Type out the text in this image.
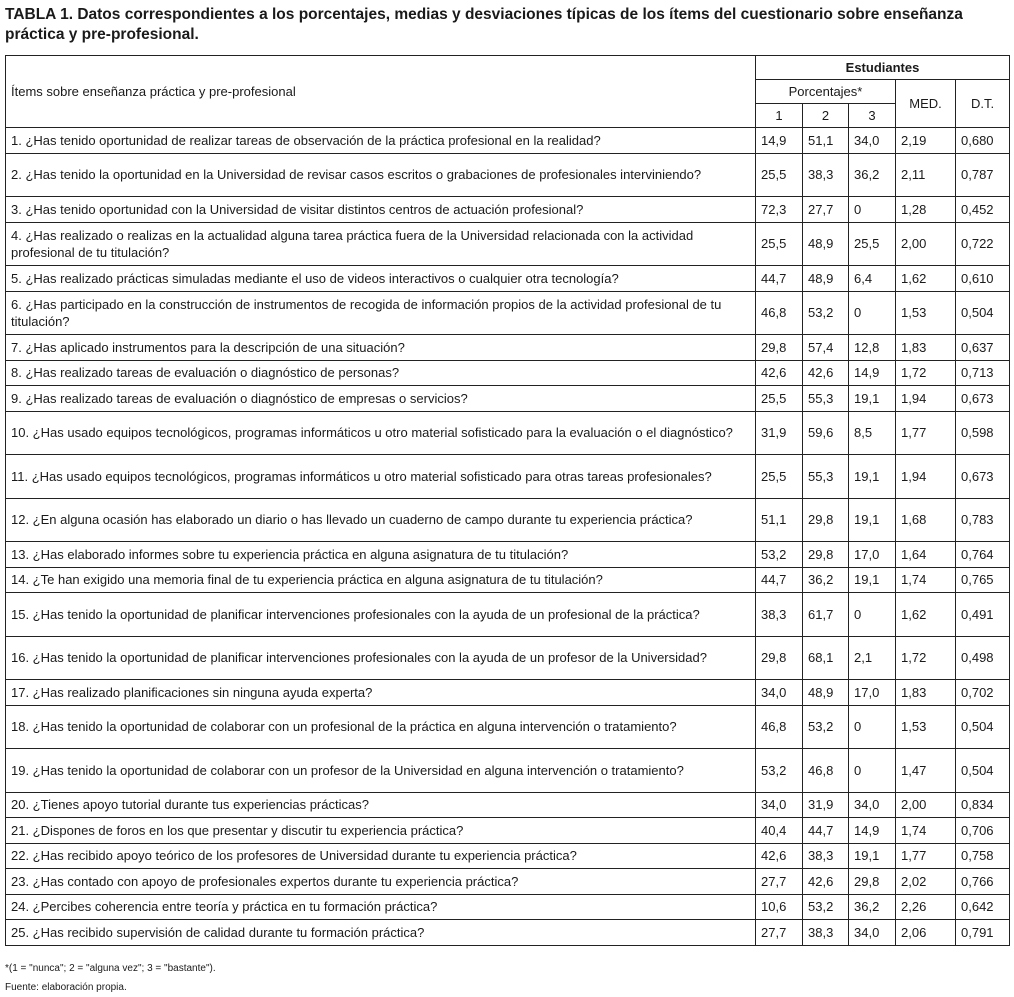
TABLA 1. Datos correspondientes a los porcentajes, medias y desviaciones típicas de los ítems del cuestionario sobre enseñanza práctica y pre-profesional.
Ítems sobre enseñanza práctica y pre-profesional	Estudiantes				
	Porcentajes*			MED.	D.T.
	1	2	3		
1. ¿Has tenido oportunidad de realizar tareas de observación de la práctica profesional en la realidad?	14,9	51,1	34,0	2,19	0,680
2. ¿Has tenido la oportunidad en la Universidad de revisar casos escritos o grabaciones de profesionales interviniendo?	25,5	38,3	36,2	2,11	0,787
3. ¿Has tenido oportunidad con la Universidad de visitar distintos centros de actuación profesional?	72,3	27,7	0	1,28	0,452
4. ¿Has realizado o realizas en la actualidad alguna tarea práctica fuera de la Universidad relacionada con la actividad profesional de tu titulación?	25,5	48,9	25,5	2,00	0,722
5. ¿Has realizado prácticas simuladas mediante el uso de videos interactivos o cualquier otra tecnología?	44,7	48,9	6,4	1,62	0,610
6. ¿Has participado en la construcción de instrumentos de recogida de información propios de la actividad profesional de tu titulación?	46,8	53,2	0	1,53	0,504
7. ¿Has aplicado instrumentos para la descripción de una situación?	29,8	57,4	12,8	1,83	0,637
8. ¿Has realizado tareas de evaluación o diagnóstico de personas?	42,6	42,6	14,9	1,72	0,713
9. ¿Has realizado tareas de evaluación o diagnóstico de empresas o servicios?	25,5	55,3	19,1	1,94	0,673
10. ¿Has usado equipos tecnológicos, programas informáticos u otro material sofisticado para la evaluación o el diagnóstico?	31,9	59,6	8,5	1,77	0,598
11. ¿Has usado equipos tecnológicos, programas informáticos u otro material sofisticado para otras tareas profesionales?	25,5	55,3	19,1	1,94	0,673
12. ¿En alguna ocasión has elaborado un diario o has llevado un cuaderno de campo durante tu experiencia práctica?	51,1	29,8	19,1	1,68	0,783
13. ¿Has elaborado informes sobre tu experiencia práctica en alguna asignatura de tu titulación?	53,2	29,8	17,0	1,64	0,764
14. ¿Te han exigido una memoria final de tu experiencia práctica en alguna asignatura de tu titulación?	44,7	36,2	19,1	1,74	0,765
15. ¿Has tenido la oportunidad de planificar intervenciones profesionales con la ayuda de un profesional de la práctica?	38,3	61,7	0	1,62	0,491
16. ¿Has tenido la oportunidad de planificar intervenciones profesionales con la ayuda de un profesor de la Universidad?	29,8	68,1	2,1	1,72	0,498
17. ¿Has realizado planificaciones sin ninguna ayuda experta?	34,0	48,9	17,0	1,83	0,702
18. ¿Has tenido la oportunidad de colaborar con un profesional de la práctica en alguna intervención o tratamiento?	46,8	53,2	0	1,53	0,504
19. ¿Has tenido la oportunidad de colaborar con un profesor de la Universidad en alguna intervención o tratamiento?	53,2	46,8	0	1,47	0,504
20. ¿Tienes apoyo tutorial durante tus experiencias prácticas?	34,0	31,9	34,0	2,00	0,834
21. ¿Dispones de foros en los que presentar y discutir tu experiencia práctica?	40,4	44,7	14,9	1,74	0,706
22. ¿Has recibido apoyo teórico de los profesores de Universidad durante tu experiencia práctica?	42,6	38,3	19,1	1,77	0,758
23. ¿Has contado con apoyo de profesionales expertos durante tu experiencia práctica?	27,7	42,6	29,8	2,02	0,766
24. ¿Percibes coherencia entre teoría y práctica en tu formación práctica?	10,6	53,2	36,2	2,26	0,642
25. ¿Has recibido supervisión de calidad durante tu formación práctica?	27,7	38,3	34,0	2,06	0,791
*(1 = "nunca"; 2 = "alguna vez"; 3 = "bastante").
Fuente: elaboración propia.
